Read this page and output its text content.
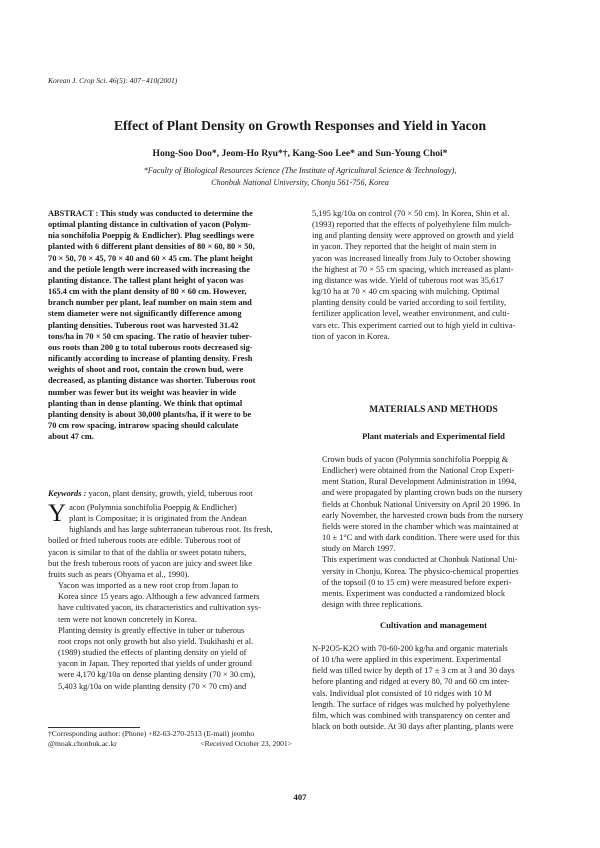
Korean J. Crop Sci. 46(5): 407−410(2001)
Effect of Plant Density on Growth Responses and Yield in Yacon
Hong-Soo Doo*, Jeom-Ho Ryu*†, Kang-Soo Lee* and Sun-Young Choi*
*Faculty of Biological Resources Science (The Institute of Agricultural Science & Technology),
Chonbuk National University, Chonju 561-756, Korea
ABSTRACT : This study was conducted to determine the
optimal planting distance in cultivation of yacon (Polym-
nia sonchifolia Poeppig & Endlicher). Plug seedlings were
planted with 6 different plant densities of 80 × 60, 80 × 50,
70 × 50, 70 × 45, 70 × 40 and 60 × 45 cm. The plant height
and the petiole length were increased with increasing the
planting distance. The tallest plant height of yacon was
165.4 cm with the plant density of 80 × 60 cm. However,
branch number per plant, leaf number on main stem and
stem diameter were not significantly difference among
planting densities. Tuberous root was harvested 31.42
tons/ha in 70 × 50 cm spacing. The ratio of heavier tuber-
ous roots than 200 g to total tuberous roots decreased sig-
nificantly according to increase of planting density. Fresh
weights of shoot and root, contain the crown bud, were
decreased, as planting distance was shorter. Tuberous root
number was fewer but its weight was heavier in wide
planting than in dense planting. We think that optimal
planting density is about 30,000 plants/ha, if it were to be
70 cm row spacing, intrarow spacing should calculate
about 47 cm.
Keywords : yacon, plant density, growth, yield, tuberous root
Y acon (Polymnia sonchifolia Poeppig & Endlicher)
plant is Compositae; it is originated from the Andean
highlands and has large subterranean tuberous root. Its fresh,
boiled or fried tuberous roots are edible. Tuberous root of
yacon is similar to that of the dahlia or sweet potato tubers,
but the fresh tuberous roots of yacon are juicy and sweet like
fruits such as pears (Ohyama et al., 1990).
Yacon was imported as a new root crop from Japan to
Korea since 15 years ago. Although a few advanced farmers
have cultivated yacon, its characteristics and cultivation sys-
tem were not known concretely in Korea.
Planting density is greatly effective in tuber or tuberous
root crops not only growth but also yield. Tsukihashi et al.
(1989) studied the effects of planting density on yield of
yacon in Japan. They reported that yields of under ground
were 4,170 kg/10a on dense planting density (70 × 30 cm),
5,403 kg/10a on wide planting density (70 × 70 cm) and
†Corresponding author: (Phone) +82-63-270-2513 (E-mail) jeomho
@moak.chonbuk.ac.kr	<Received October 23, 2001>
5,195 kg/10a on control (70 × 50 cm). In Korea, Shin et al.
(1993) reported that the effects of polyethylene film mulch-
ing and planting density were approved on growth and yield
in yacon. They reported that the height of main stem in
yacon was increased lineally from July to October showing
the highest at 70 × 55 cm spacing, which increased as plant-
ing distance was wide. Yield of tuberous root was 35,617
kg/10 ha at 70 × 40 cm spacing with mulching. Optimal
planting density could be varied according to soil fertility,
fertilizer application level, weather environment, and culti-
vars etc. This experiment carried out to high yield in cultiva-
tion of yacon in Korea.
MATERIALS AND METHODS
Plant materials and Experimental field
Crown buds of yacon (Polymnia sonchifolia Poeppig &
Endlicher) were obtained from the National Crop Experi-
ment Station, Rural Development Administration in 1994,
and were propagated by planting crown buds on the nursery
fields at Chonbuk National University on April 20 1996. In
early November, the harvested crown buds from the nursery
fields were stored in the chamber which was maintained at
10 ± 1°C and with dark condition. There were used for this
study on March 1997.
This experiment was conducted at Chonbuk National Uni-
versity in Chonju, Korea. The physico-chemical properties
of the topsoil (0 to 15 cm) were measured before experi-
ments. Experiment was conducted a randomized block
design with three replications.
Cultivation and management
N-P2O5-K2O with 70-60-200 kg/ha and organic materials
of 10 t/ha were applied in this experiment. Experimental
field was tilled twice by depth of 17 ± 3 cm at 3 and 30 days
before planting and ridged at every 80, 70 and 60 cm inter-
vals. Individual plot consisted of 10 ridges with 10 M
length. The surface of ridges was mulched by polyethylene
film, which was combined with transparency on center and
black on both outside. At 30 days after planting, plants were
407
